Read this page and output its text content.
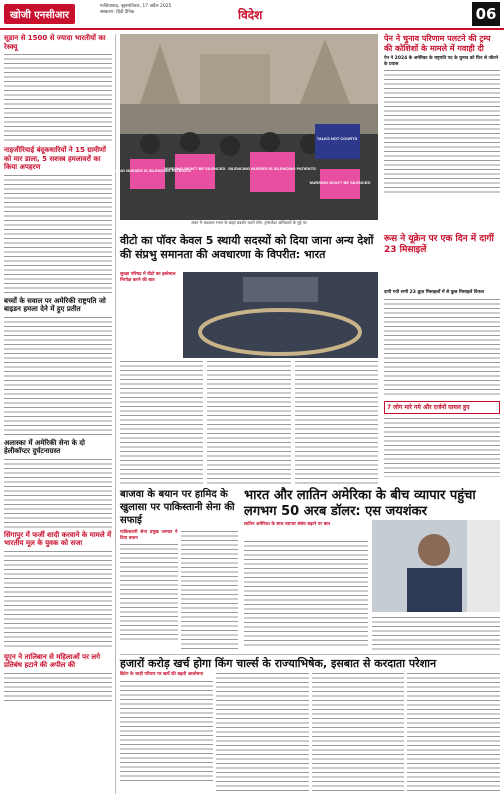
खोजी एनसीआर
गाज़ियाबाद, बृहस्पतिवार, 17 अप्रैल 2025
संस्करण: हिंदी दैनिक	विदेश	06
सूडान से 1500 से ज्यादा भारतीयों का रेस्क्यू
नाइजीरियाई बंदूकधारियों ने 15 ग्रामीणों को मार डाला, 5 सशस्त्र हमलावरों का किया अपहरण
बच्चों के सवाल पर अमेरिकी राष्ट्रपति जो बाइडन हमला देने में हुए प्रतीत
अलास्का में अमेरिकी सेना के दो हेलीकॉप्टर दुर्घटनाग्रस्त
सिंगापुर में फर्जी शादी करवाने के मामले में भारतीय मूल के युवक को सजा
यूएन ने तालिबान से महिलाओं पर लगे प्रतिबंध हटाने की अपील की
SILENCING NURSES IS SILENCING PATIENTS
NURSING WON'T BE SILENCED SILENCING NURSES IS SILENCING PATIENTS
TALKS NOT COURTS
NURSING WON'T BE SILENCED
लंदन में अदालत भवन के बाहर प्रदर्शन करते लोग, ट्रांसजेंडर अधिकारों के मुद्दे पर
पेन ने चुनाव परिणाम पलटने की ट्रम्प की कोशिशों के मामले में गवाही दी
पेन ने 2024 के अमेरिका के राष्ट्रपति पद के चुनाव को फिर से जीतने के प्रयास
वीटो का पॉवर केवल 5 स्थायी सदस्यों को दिया जाना अन्य देशों की संप्रभु समानता की अवधारणा के विपरीत: भारत
रूस ने यूक्रेन पर एक दिन में दागीं 23 मिसाइलें
सुरक्षा परिषद में वीटो का इस्तेमाल निरपेक्ष करने की बात
दागी गयी सभी 23 क्रूज़ मिसाइलों में से कुछ मिसाइलें विफल
7 लोग मारे गये और दर्जनों घायल हुए
बाजवा के बयान पर हामिद के खुलासा पर पाकिस्तानी सेना की सफाई
पाकिस्तानी सेना प्रमुख जनरल ने दिया बयान
भारत और लातिन अमेरिका के बीच व्यापार पहुंचा लगभग 50 अरब डॉलर: एस जयशंकर
लातिन अमेरिका के साथ व्यापार संबंध बढ़ाने पर बात
हजारों करोड़ खर्च होगा किंग चार्ल्स के राज्याभिषेक, इसबात से करदाता परेशान
ब्रिटेन के शाही परिवार पर खर्चे की बढ़ती आलोचना
